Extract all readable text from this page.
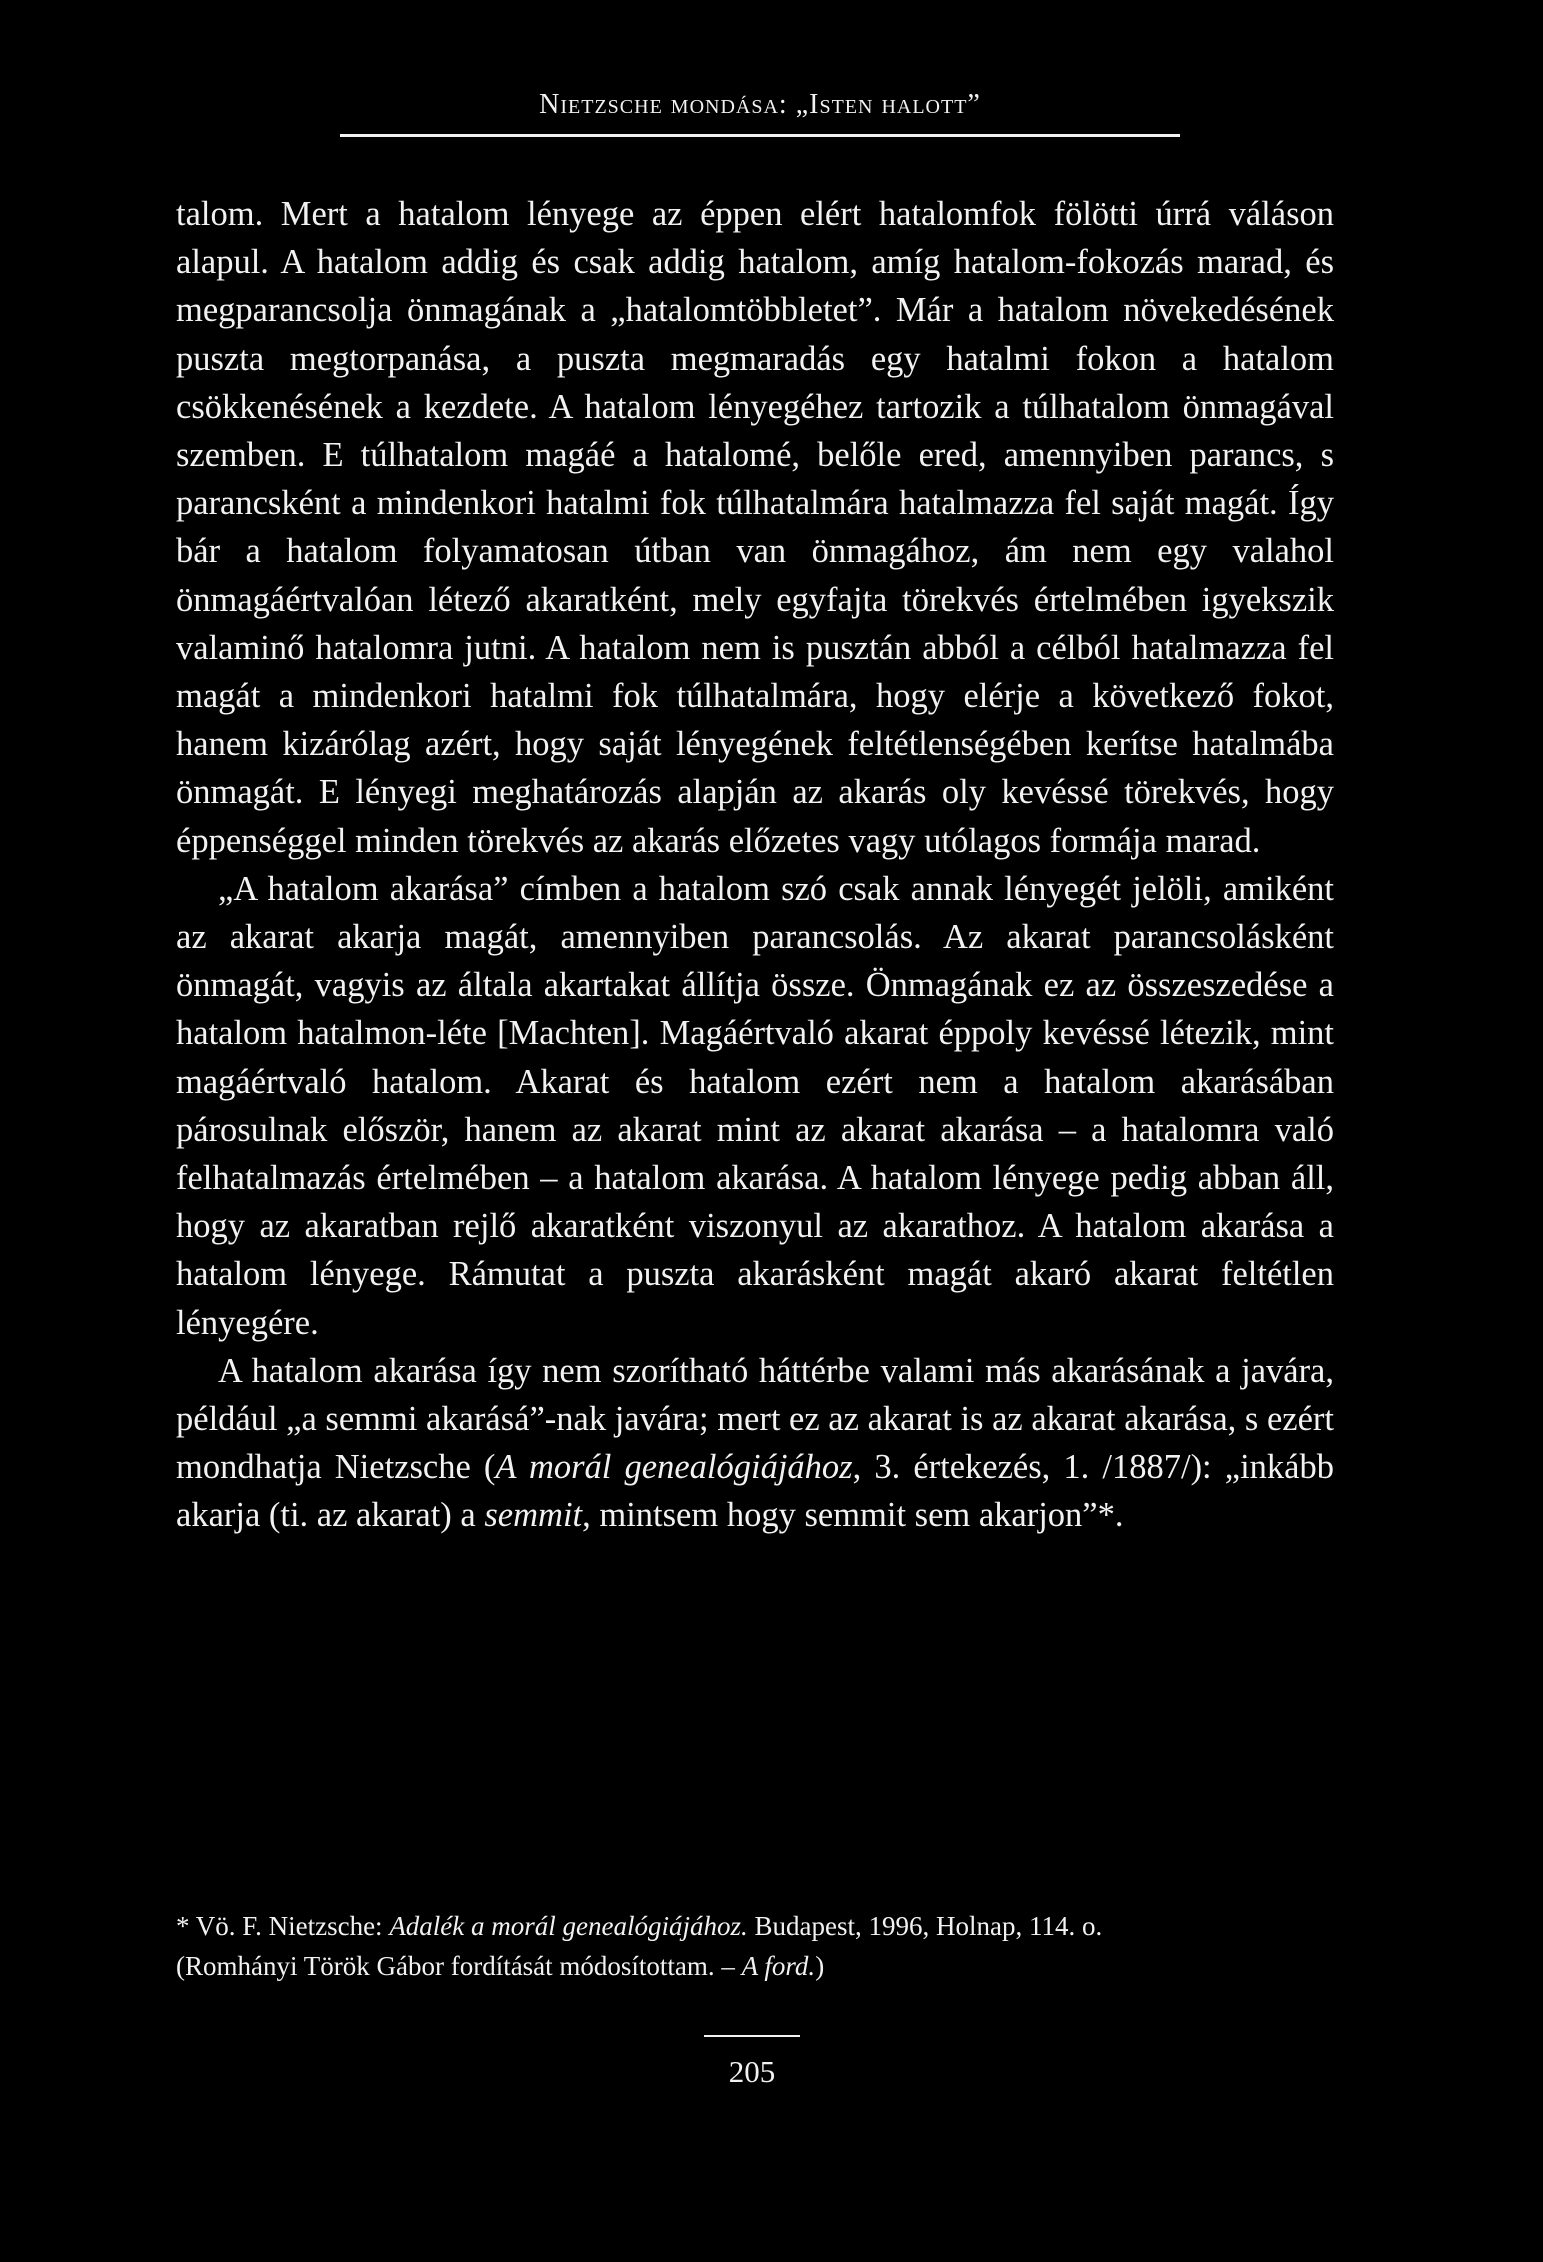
Nietzsche mondása: „Isten halott”

talom. Mert a hatalom lényege az éppen elért hatalomfok fölötti úrrá váláson alapul. A hatalom addig és csak addig hatalom, amíg hatalom-fokozás marad, és megparancsolja önmagának a „hatalomtöbbletet”. Már a hatalom növekedésének puszta megtorpanása, a puszta megmaradás egy hatalmi fokon a hatalom csökkenésének a kezdete. A hatalom lényegéhez tartozik a túlhatalom önmagával szemben. E túlhatalom magáé a hatalomé, belőle ered, amennyiben parancs, s parancsként a mindenkori hatalmi fok túlhatalmára hatalmazza fel saját magát. Így bár a hatalom folyamatosan útban van önmagához, ám nem egy valahol önmagáértvalóan létező akaratként, mely egyfajta törekvés értelmében igyekszik valaminő hatalomra jutni. A hatalom nem is pusztán abból a célból hatalmazza fel magát a mindenkori hatalmi fok túlhatalmára, hogy elérje a következő fokot, hanem kizárólag azért, hogy saját lényegének feltétlenségében kerítse hatalmába önmagát. E lényegi meghatározás alapján az akarás oly kevéssé törekvés, hogy éppenséggel minden törekvés az akarás előzetes vagy utólagos formája marad.

„A hatalom akarása” címben a hatalom szó csak annak lényegét jelöli, amiként az akarat akarja magát, amennyiben parancsolás. Az akarat parancsolásként önmagát, vagyis az általa akartakat állítja össze. Önmagának ez az összeszedése a hatalom hatalmon-léte [Machten]. Magáértvaló akarat éppoly kevéssé létezik, mint magáértvaló hatalom. Akarat és hatalom ezért nem a hatalom akarásában párosulnak először, hanem az akarat mint az akarat akarása – a hatalomra való felhatalmazás értelmében – a hatalom akarása. A hatalom lényege pedig abban áll, hogy az akaratban rejlő akaratként viszonyul az akarathoz. A hatalom akarása a hatalom lényege. Rámutat a puszta akarásként magát akaró akarat feltétlen lényegére.

A hatalom akarása így nem szorítható háttérbe valami más akarásának a javára, például „a semmi akarásá”-nak javára; mert ez az akarat is az akarat akarása, s ezért mondhatja Nietzsche (A morál genealógiájához, 3. értekezés, 1. /1887/): „inkább akarja (ti. az akarat) a semmit, mintsem hogy semmit sem akarjon”*.

* Vö. F. Nietzsche: Adalék a morál genealógiájához. Budapest, 1996, Holnap, 114. o.

(Romhányi Török Gábor fordítását módosítottam. – A ford.)

205
